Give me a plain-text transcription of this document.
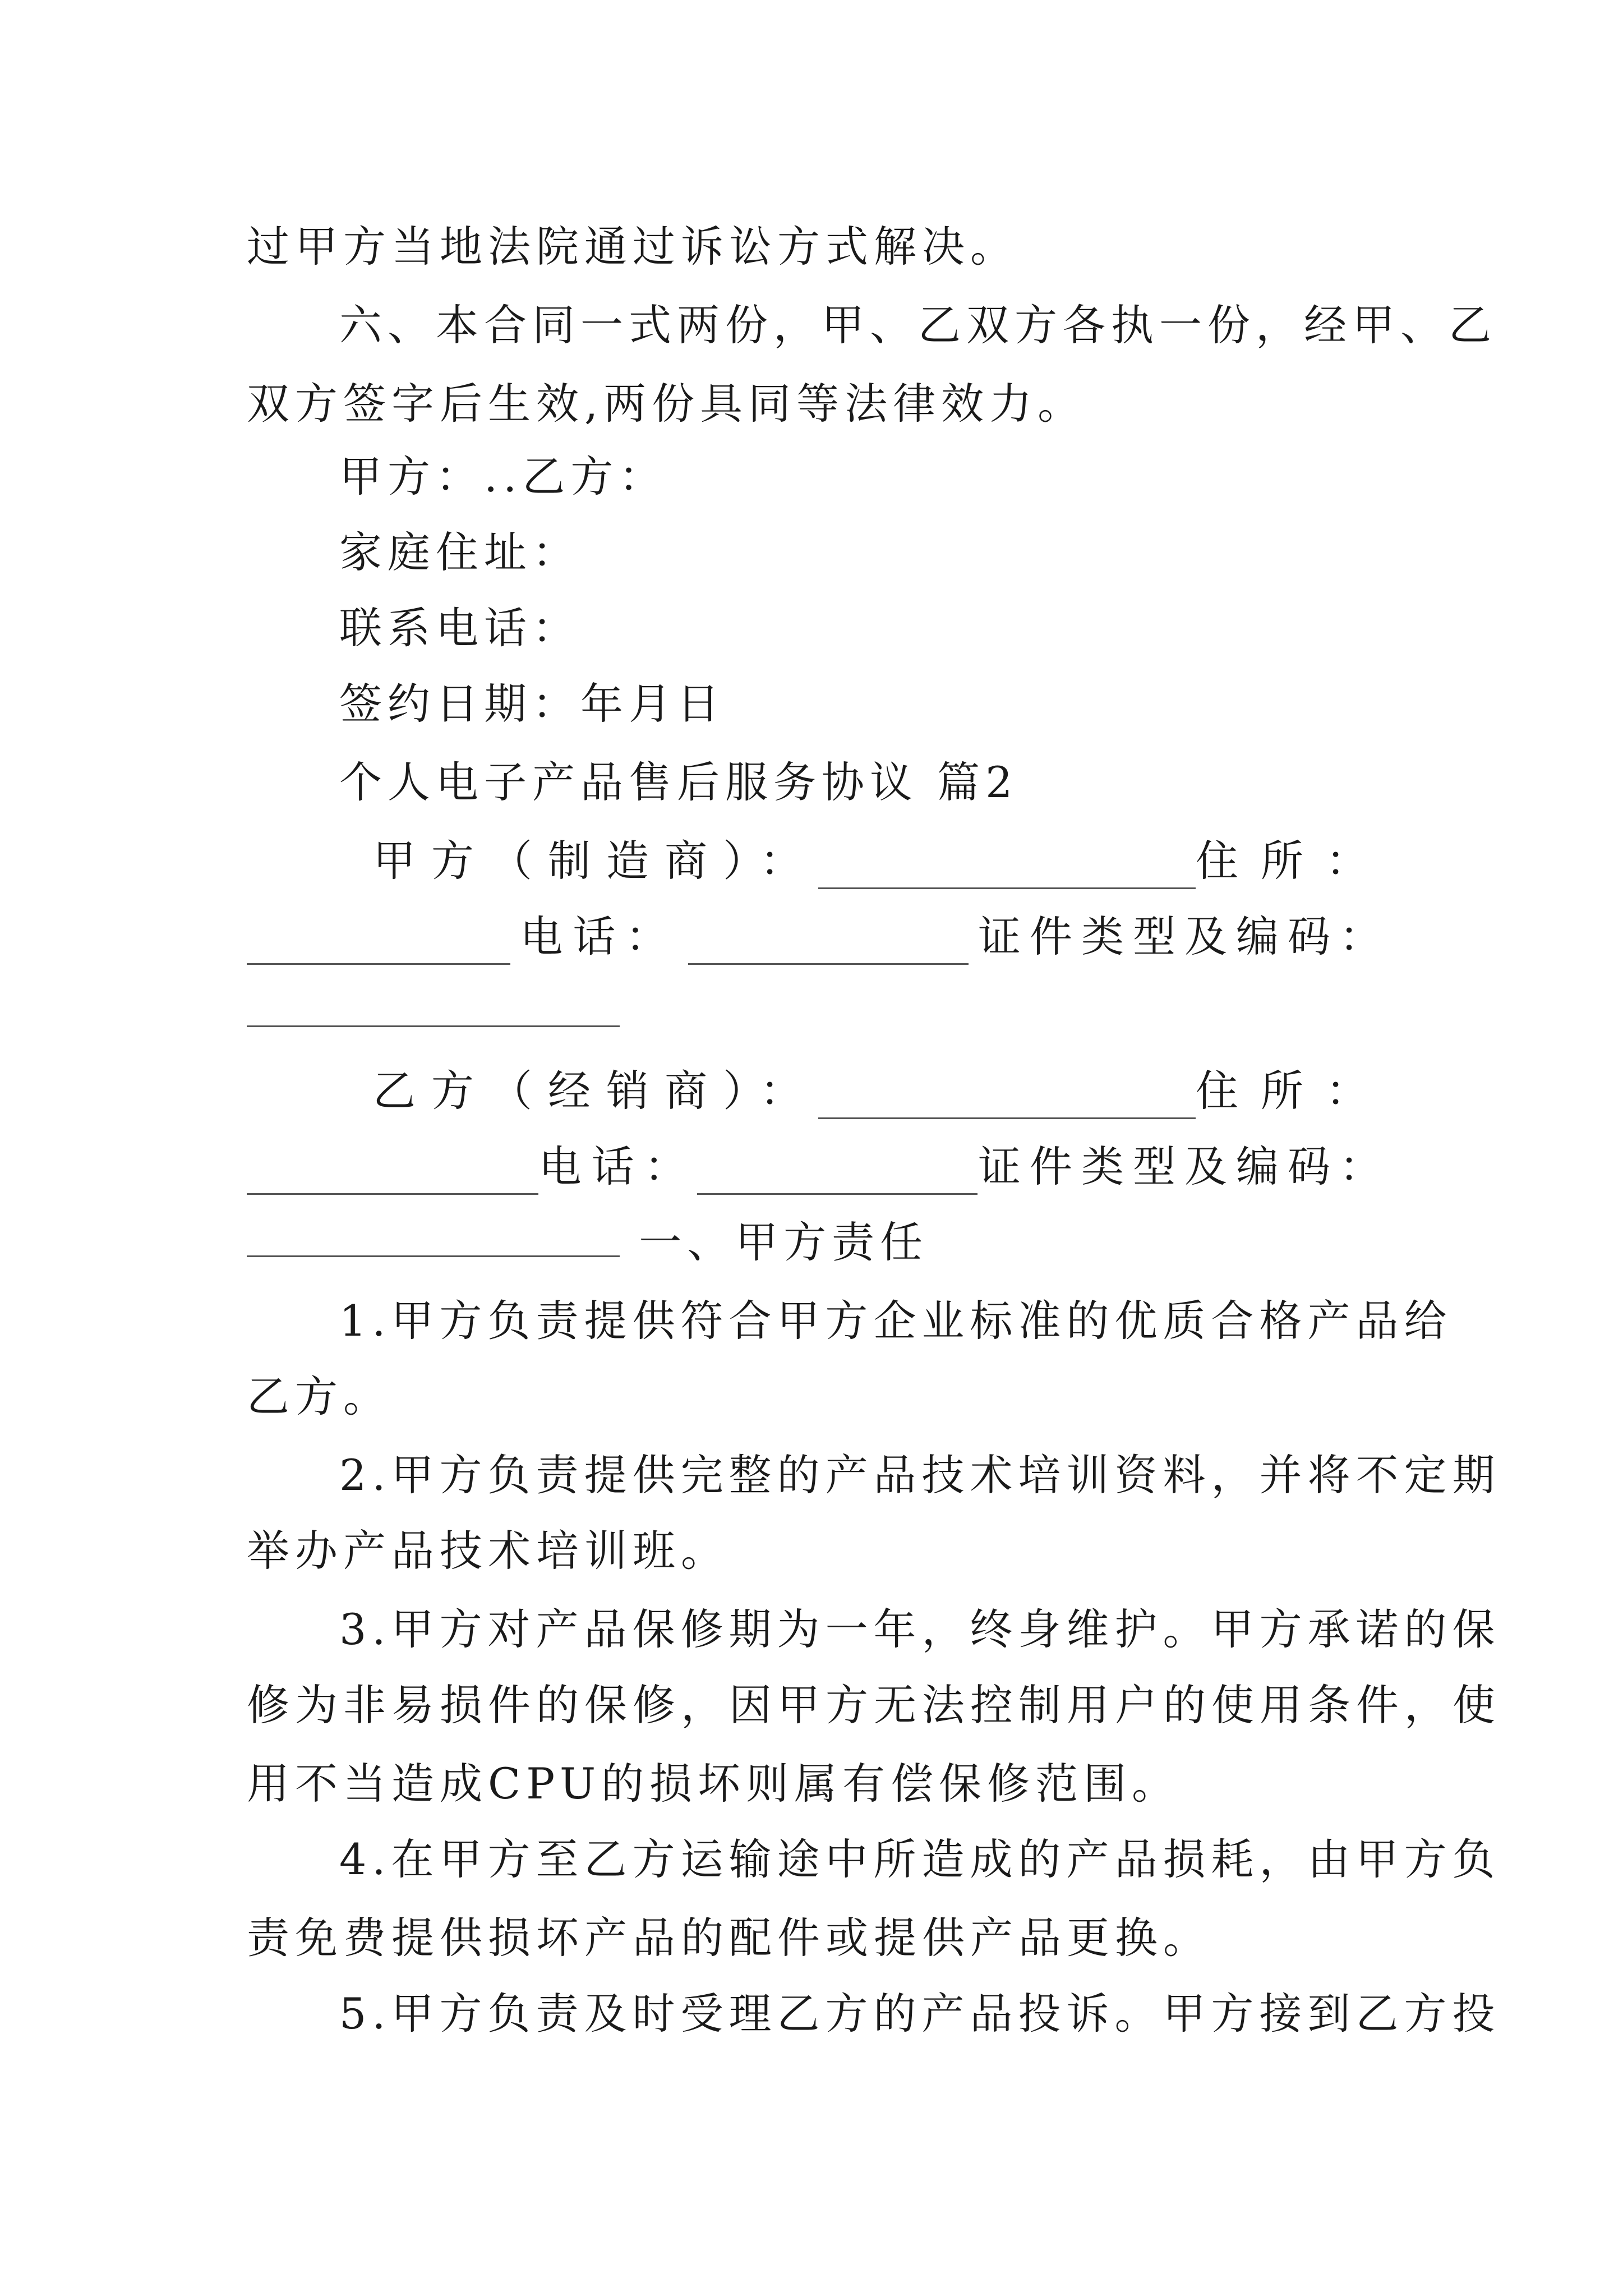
过甲方当地法院通过诉讼方式解决。
六、本合同一式两份，甲、乙双方各执一份，经甲、乙
双方签字后生效,两份具同等法律效力。
甲方：..乙方：
家庭住址：
联系电话：
签约日期：年月日
个人电子产品售后服务协议 篇2
甲方（制造商）：	住所：
电话：	证件类型及编码：
乙方（经销商）：	住所：
电话：	证件类型及编码：
一、甲方责任
1.甲方负责提供符合甲方企业标准的优质合格产品给
乙方。
2.甲方负责提供完整的产品技术培训资料，并将不定期
举办产品技术培训班。
3.甲方对产品保修期为一年，终身维护。甲方承诺的保
修为非易损件的保修，因甲方无法控制用户的使用条件，使
用不当造成CPU的损坏则属有偿保修范围。
4.在甲方至乙方运输途中所造成的产品损耗，由甲方负
责免费提供损坏产品的配件或提供产品更换。
5.甲方负责及时受理乙方的产品投诉。甲方接到乙方投
